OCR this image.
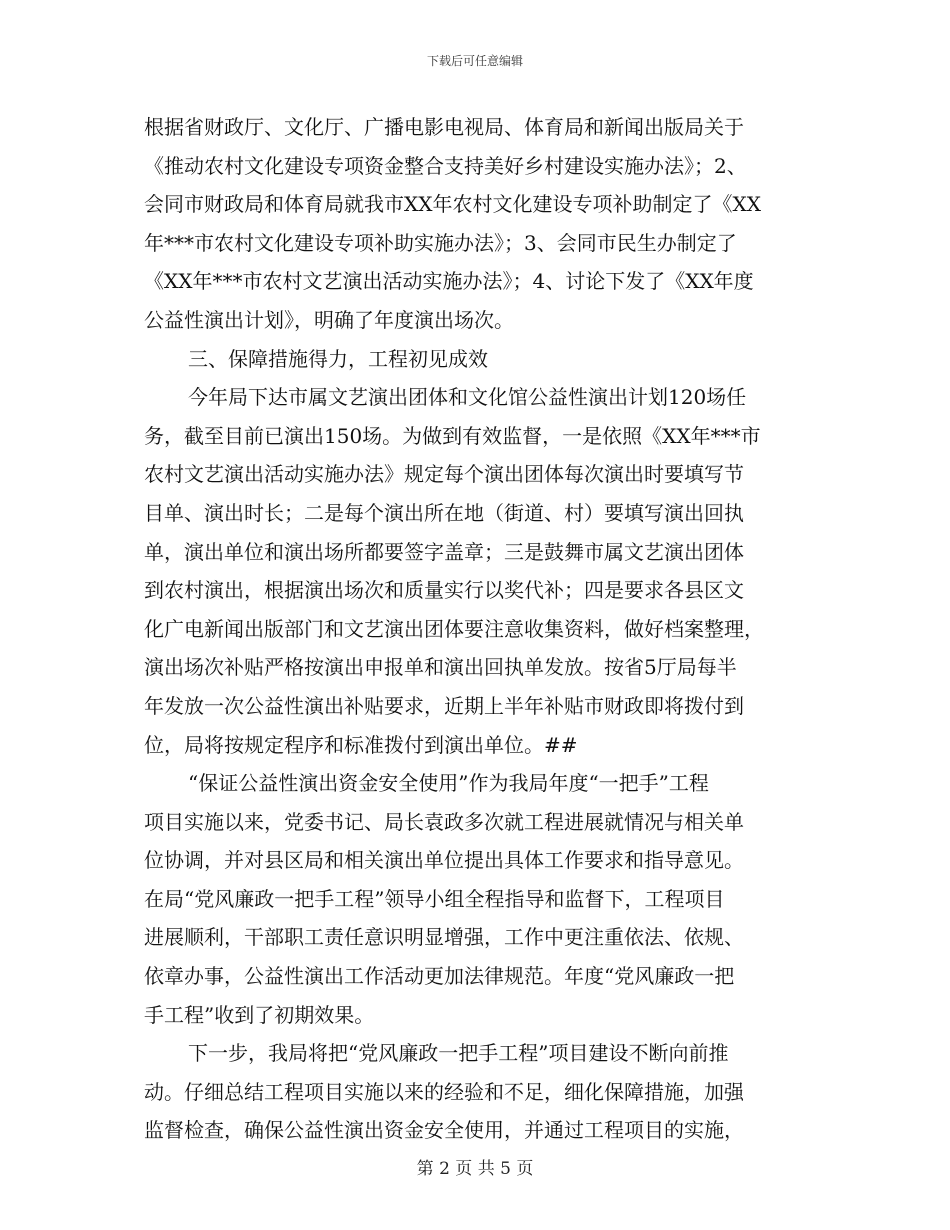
下载后可任意编辑
根据省财政厅、文化厅、广播电影电视局、体育局和新闻出版局关于
《推动农村文化建设专项资金整合支持美好乡村建设实施办法》；2、
会同市财政局和体育局就我市XX年农村文化建设专项补助制定了《XX
年***市农村文化建设专项补助实施办法》；3、会同市民生办制定了
《XX年***市农村文艺演出活动实施办法》；4、讨论下发了《XX年度
公益性演出计划》，明确了年度演出场次。
三、保障措施得力，工程初见成效
今年局下达市属文艺演出团体和文化馆公益性演出计划120场任
务，截至目前已演出150场。为做到有效监督，一是依照《XX年***市
农村文艺演出活动实施办法》规定每个演出团体每次演出时要填写节
目单、演出时长；二是每个演出所在地（街道、村）要填写演出回执
单，演出单位和演出场所都要签字盖章；三是鼓舞市属文艺演出团体
到农村演出，根据演出场次和质量实行以奖代补；四是要求各县区文
化广电新闻出版部门和文艺演出团体要注意收集资料，做好档案整理，
演出场次补贴严格按演出申报单和演出回执单发放。按省5厅局每半
年发放一次公益性演出补贴要求，近期上半年补贴市财政即将拨付到
位，局将按规定程序和标准拨付到演出单位。##
“保证公益性演出资金安全使用”作为我局年度“一把手”工程
项目实施以来，党委书记、局长袁政多次就工程进展就情况与相关单
位协调，并对县区局和相关演出单位提出具体工作要求和指导意见。
在局“党风廉政一把手工程”领导小组全程指导和监督下，工程项目
进展顺利，干部职工责任意识明显增强，工作中更注重依法、依规、
依章办事，公益性演出工作活动更加法律规范。年度“党风廉政一把
手工程”收到了初期效果。
下一步，我局将把“党风廉政一把手工程”项目建设不断向前推
动。仔细总结工程项目实施以来的经验和不足，细化保障措施，加强
监督检查，确保公益性演出资金安全使用，并通过工程项目的实施，
第 2 页 共 5 页
